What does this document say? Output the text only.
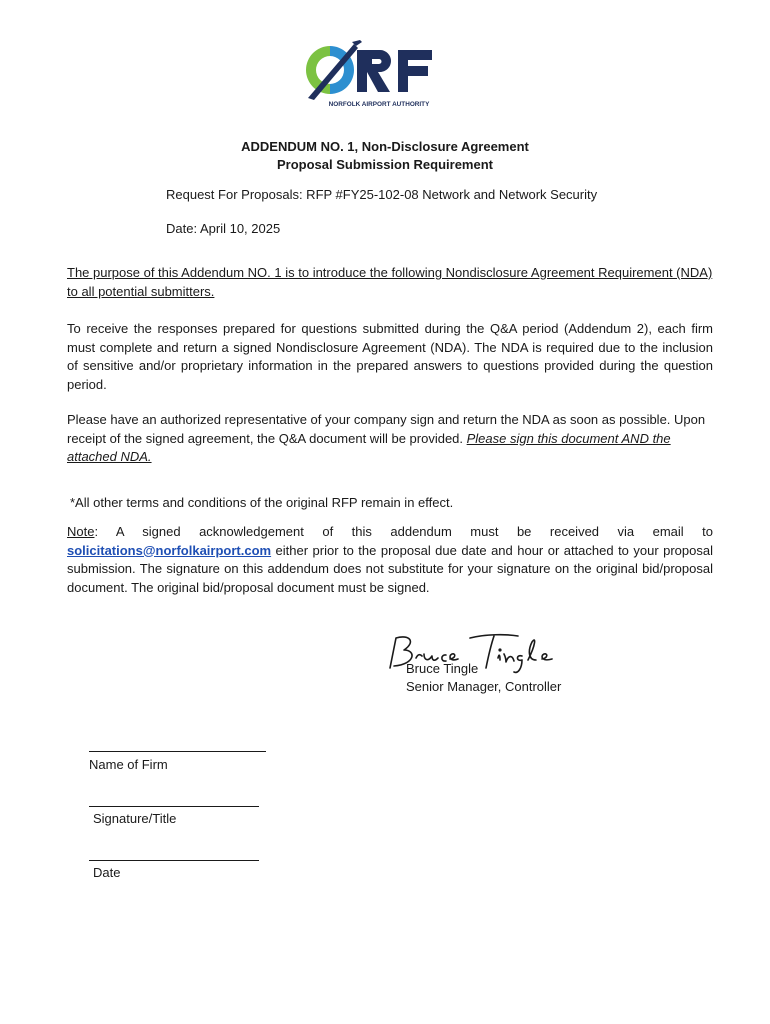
NORFOLK AIRPORT AUTHORITY
ADDENDUM NO. 1, Non-Disclosure Agreement
Proposal Submission Requirement
Request For Proposals: RFP #FY25-102-08 Network and Network Security
Date: April 10, 2025
The purpose of this Addendum NO. 1 is to introduce the following Nondisclosure Agreement Requirement (NDA) to all potential submitters.
To receive the responses prepared for questions submitted during the Q&A period (Addendum 2), each firm must complete and return a signed Nondisclosure Agreement (NDA). The NDA is required due to the inclusion of sensitive and/or proprietary information in the prepared answers to questions provided during the question period.
Please have an authorized representative of your company sign and return the NDA as soon as possible. Upon receipt of the signed agreement, the Q&A document will be provided. Please sign this document AND the attached NDA.
*All other terms and conditions of the original RFP remain in effect.
Note: A signed acknowledgement of this addendum must be received via email to solicitations@norfolkairport.com either prior to the proposal due date and hour or attached to your proposal submission. The signature on this addendum does not substitute for your signature on the original bid/proposal document. The original bid/proposal document must be signed.
Bruce Tingle
Senior Manager, Controller
Name of Firm
Signature/Title
Date
